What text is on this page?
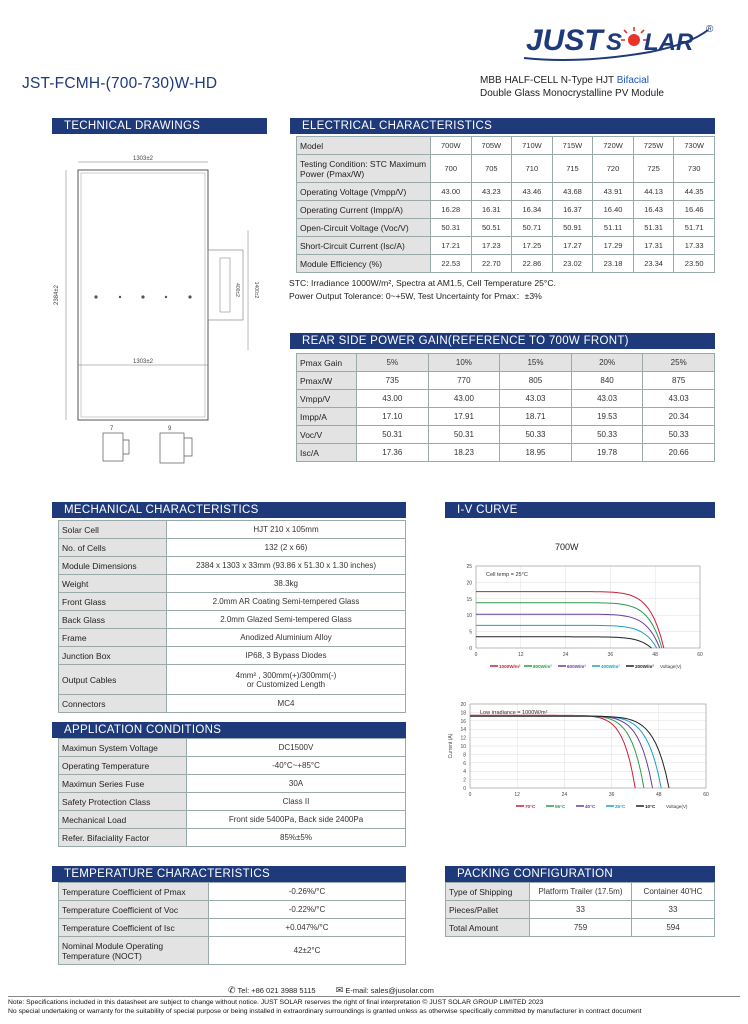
JUST S LAR ®
JST-FCMH-(700-730)W-HD	MBB HALF-CELL N-Type HJT Bifacial
Double Glass Monocrystalline PV Module
TECHNICAL DRAWINGS
1303±2
1303±2
2384±2	1400±2
400±2
7	9
ELECTRICAL CHARACTERISTICS
Model	700W	705W	710W	715W	720W	725W	730W
Testing Condition: STC Maximum Power (Pmax/W)	700	705	710	715	720	725	730
Operating Voltage (Vmpp/V)	43.00	43.23	43.46	43.68	43.91	44.13	44.35
Operating Current (Impp/A)	16.28	16.31	16.34	16.37	16.40	16.43	16.46
Open-Circuit Voltage (Voc/V)	50.31	50.51	50.71	50.91	51.11	51.31	51.71
Short-Circuit Current (Isc/A)	17.21	17.23	17.25	17.27	17.29	17.31	17.33
Module Efficiency (%)	22.53	22.70	22.86	23.02	23.18	23.34	23.50
STC: Irradiance 1000W/m², Spectra at AM1.5, Cell Temperature 25°C.
Power Output Tolerance: 0~+5W, Test Uncertainty for Pmax：±3%
REAR SIDE POWER GAIN(REFERENCE TO 700W FRONT)
Pmax Gain	5%	10%	15%	20%	25%
Pmax/W	735	770	805	840	875
Vmpp/V	43.00	43.00	43.03	43.03	43.03
Impp/A	17.10	17.91	18.71	19.53	20.34
Voc/V	50.31	50.31	50.33	50.33	50.33
Isc/A	17.36	18.23	18.95	19.78	20.66
MECHANICAL CHARACTERISTICS
Solar Cell	HJT 210 x 105mm
No. of Cells	132 (2 x 66)
Module Dimensions	2384 x 1303 x 33mm (93.86 x 51.30 x 1.30 inches)
Weight	38.3kg
Front Glass	2.0mm AR Coating Semi-tempered Glass
Back Glass	2.0mm Glazed Semi-tempered Glass
Frame	Anodized Aluminium Alloy
Junction Box	IP68, 3 Bypass Diodes
Output Cables	4mm² , 300mm(+)/300mm(-)
or Customized Length

Connectors	MC4
APPLICATION CONDITIONS
Maximun System Voltage	DC1500V
Operating Temperature	-40°C~+85°C
Maximun Series Fuse	30A
Safety Protection Class	Class II
Mechanical Load	Front side 5400Pa, Back side 2400Pa
Refer. Bifaciality Factor	85%±5%
TEMPERATURE CHARACTERISTICS
Temperature Coefficient of Pmax	-0.26%/°C
Temperature Coefficient of Voc	-0.22%/°C
Temperature Coefficient of Isc	+0.047%/°C
Nominal Module Operating Temperature (NOCT)	42±2°C
I-V CURVE
700W
0
5
10
15
20
25
0	12	24	36	48	60
Cell temp = 25°C
1000W/m²	800W/m²	600W/m²	400W/m²	200W/m² Voltage(V)
0
2
4
6
8
10
12
14
16
18
20
0	12	24	36	48	60
Low irradiance = 1000W/m²
Current (A)
70°C	55°C	40°C	25°C	10°C Voltage(V)
PACKING CONFIGURATION
Type of Shipping	Platform Trailer (17.5m)	Container 40'HC
Pieces/Pallet	33	33
Total Amount	759	594
✆ Tel: +86 021 3988 5115 ✉ E-mail: sales@jusolar.com
Note: Specifications included in this datasheet are subject to change without notice. JUST SOLAR reserves the right of final interpretation © JUST SOLAR GROUP LIMITED 2023
No special undertaking or warranty for the suitability of special purpose or being installed in extraordinary surroundings is granted unless as otherwise specifically committed by manufacturer in contract document
